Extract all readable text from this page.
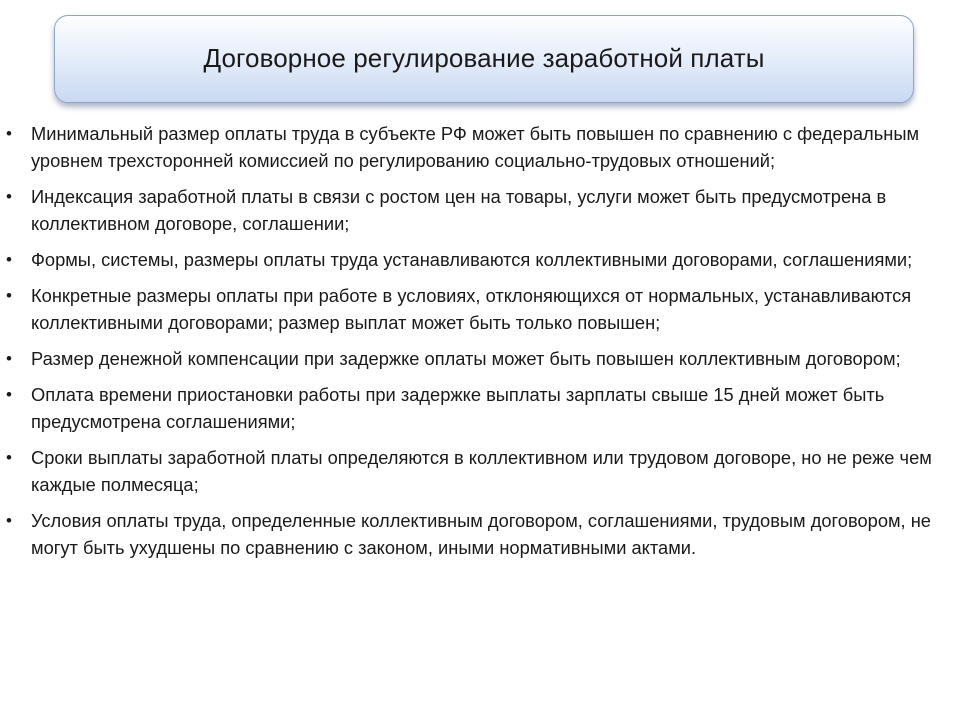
Договорное регулирование заработной платы
• Минимальный размер оплаты труда в субъекте РФ может быть повышен по сравнению с федеральным уровнем трехсторонней комиссией по регулированию социально-трудовых отношений;
• Индексация заработной платы в связи с ростом цен на товары, услуги может быть предусмотрена в коллективном договоре, соглашении;
• Формы, системы, размеры оплаты труда устанавливаются коллективными договорами, соглашениями;
• Конкретные размеры оплаты при работе в условиях, отклоняющихся от нормальных, устанавливаются коллективными договорами; размер выплат может быть только повышен;
• Размер денежной компенсации при задержке оплаты может быть повышен коллективным договором;
• Оплата времени приостановки работы при задержке выплаты зарплаты свыше 15 дней может быть предусмотрена соглашениями;
• Сроки выплаты заработной платы определяются в коллективном или трудовом договоре, но не реже чем каждые полмесяца;
• Условия оплаты труда, определенные коллективным договором, соглашениями, трудовым договором, не могут быть ухудшены по сравнению с законом, иными нормативными актами.
